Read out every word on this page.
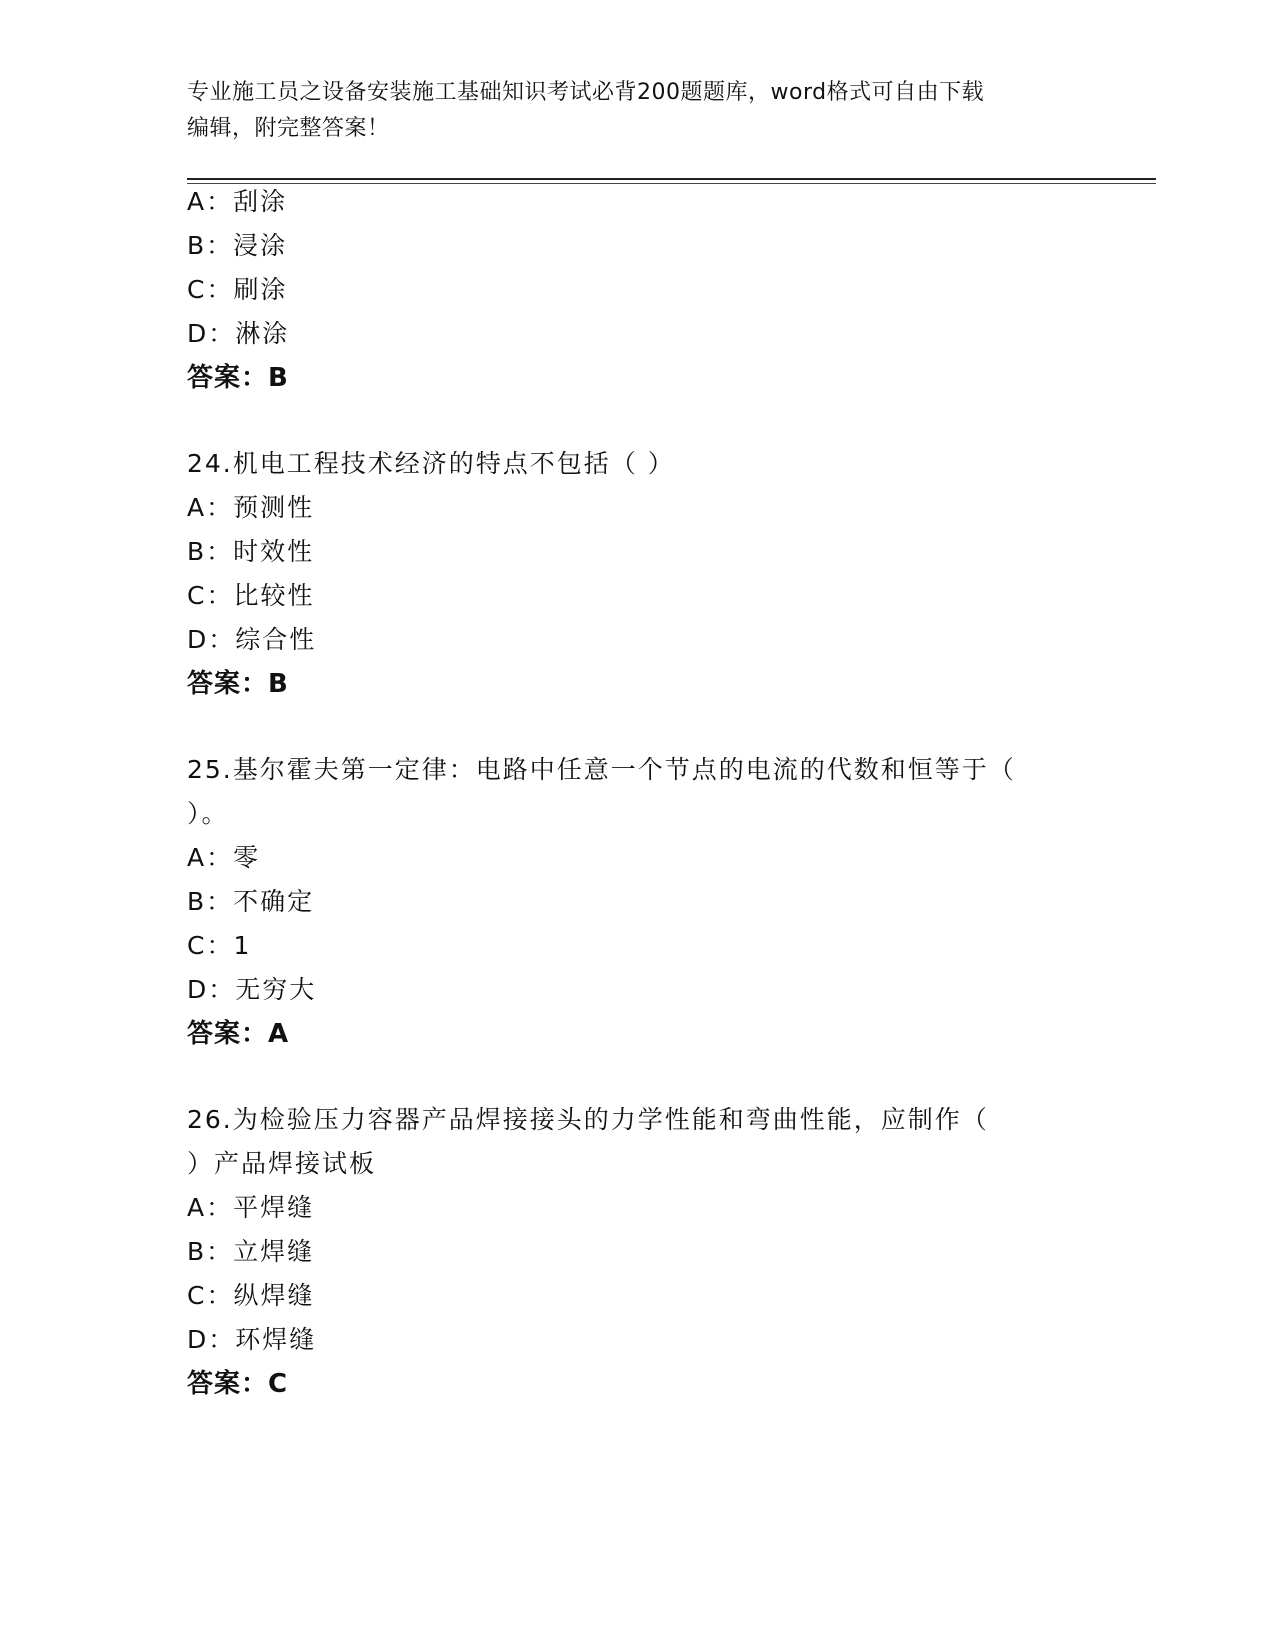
专业施工员之设备安装施工基础知识考试必背200题题库，word格式可自由下载
编辑，附完整答案！
A：刮涂
B：浸涂
C：刷涂
D：淋涂
答案：B
24.机电工程技术经济的特点不包括（ ）
A：预测性
B：时效性
C：比较性
D：综合性
答案：B
25.基尔霍夫第一定律：电路中任意一个节点的电流的代数和恒等于（
）。
A：零
B：不确定
C：1
D：无穷大
答案：A
26.为检验压力容器产品焊接接头的力学性能和弯曲性能，应制作（
）产品焊接试板
A：平焊缝
B：立焊缝
C：纵焊缝
D：环焊缝
答案：C
